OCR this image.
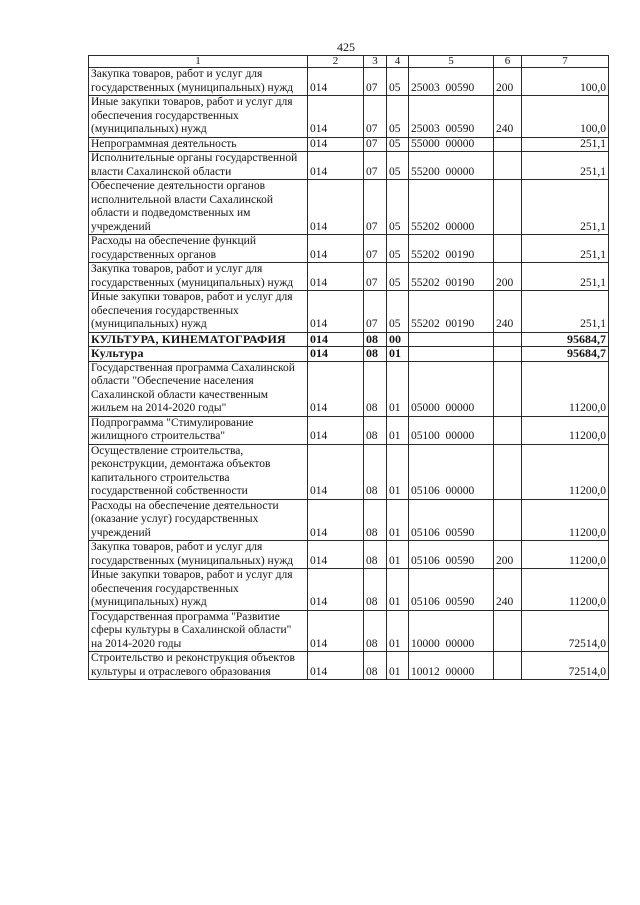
425
1	2	3	4	5	6	7
Закупка товаров, работ и услуг для государственных (муниципальных) нужд	014	07	05	25003  00590	200	100,0
Иные закупки товаров, работ и услуг для обеспечения государственных (муниципальных) нужд	014	07	05	25003  00590	240	100,0
Непрограммная деятельность	014	07	05	55000  00000		251,1
Исполнительные органы государственной власти Сахалинской области	014	07	05	55200  00000		251,1
Обеспечение деятельности органов исполнительной власти Сахалинской области и подведомственных им учреждений	014	07	05	55202  00000		251,1
Расходы на обеспечение функций государственных органов	014	07	05	55202  00190		251,1
Закупка товаров, работ и услуг для государственных (муниципальных) нужд	014	07	05	55202  00190	200	251,1
Иные закупки товаров, работ и услуг для обеспечения государственных (муниципальных) нужд	014	07	05	55202  00190	240	251,1
КУЛЬТУРА, КИНЕМАТОГРАФИЯ	014	08	00			95684,7
Культура	014	08	01			95684,7
Государственная программа Сахалинской области "Обеспечение населения Сахалинской области качественным жильем на 2014-2020 годы"	014	08	01	05000  00000		11200,0
Подпрограмма "Стимулирование жилищного строительства"	014	08	01	05100  00000		11200,0
Осуществление строительства, реконструкции, демонтажа объектов капитального строительства государственной собственности	014	08	01	05106  00000		11200,0
Расходы на обеспечение деятельности (оказание услуг) государственных учреждений	014	08	01	05106  00590		11200,0
Закупка товаров, работ и услуг для государственных (муниципальных) нужд	014	08	01	05106  00590	200	11200,0
Иные закупки товаров, работ и услуг для обеспечения государственных (муниципальных) нужд	014	08	01	05106  00590	240	11200,0
Государственная программа "Развитие сферы культуры в Сахалинской области" на 2014-2020 годы	014	08	01	10000  00000		72514,0
Строительство и реконструкция объектов культуры и отраслевого образования	014	08	01	10012  00000		72514,0
